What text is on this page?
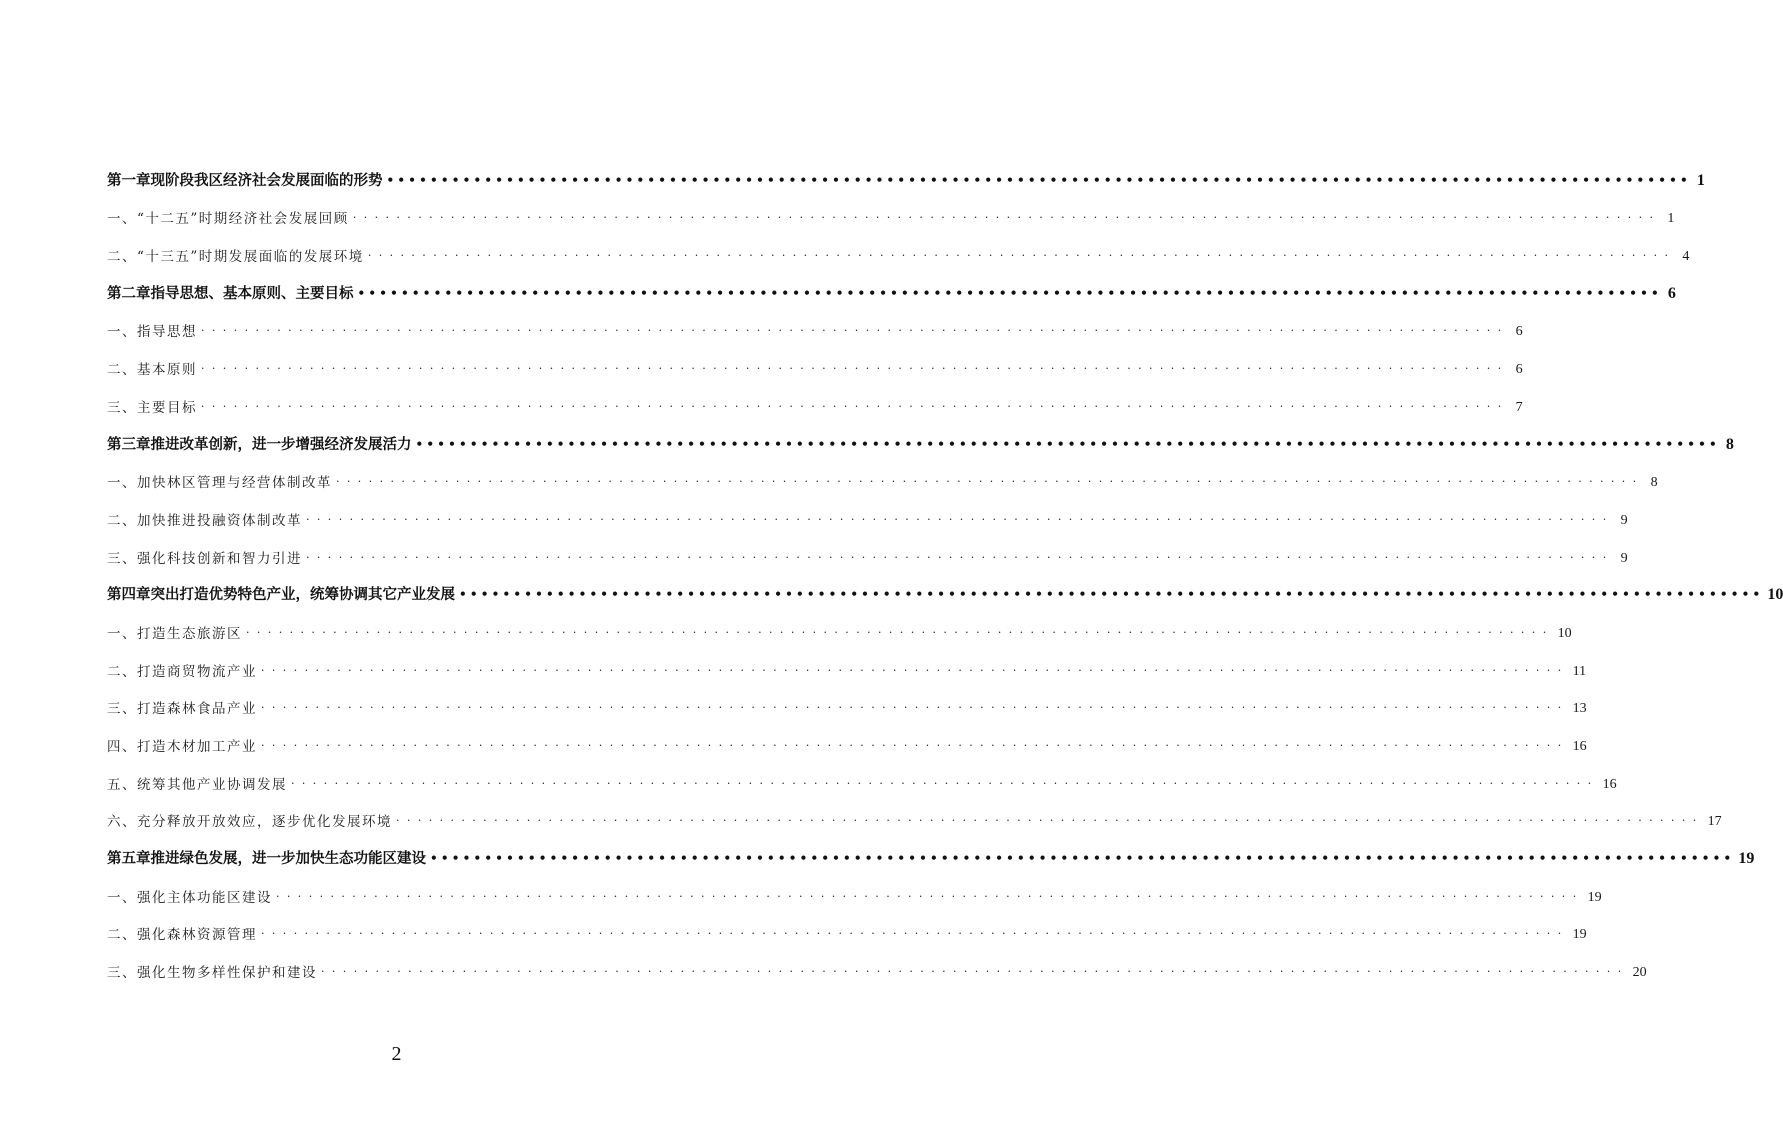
第一章现阶段我区经济社会发展面临的形势 •••••••••••••••••••••••••••••••••••••••••••••••••••••••••••••••••••••••••••••••••••••••••••••••••••••••••••••••••••••••• 1
一、“十二五”时期经济社会发展回顾 ························································································································ 1
二、“十三五”时期发展面临的发展环境 ························································································································ 4
第二章指导思想、基本原则、主要目标 •••••••••••••••••••••••••••••••••••••••••••••••••••••••••••••••••••••••••••••••••••••••••••••••••••••••••••••••••••••••• 6
一、指导思想 ························································································································ 6
二、基本原则 ························································································································ 6
三、主要目标 ························································································································ 7
第三章推进改革创新，进一步增强经济发展活力 •••••••••••••••••••••••••••••••••••••••••••••••••••••••••••••••••••••••••••••••••••••••••••••••••••••••••••••••••••••••• 8
一、加快林区管理与经营体制改革 ························································································································ 8
二、加快推进投融资体制改革 ························································································································ 9
三、强化科技创新和智力引进 ························································································································ 9
第四章突出打造优势特色产业，统筹协调其它产业发展 •••••••••••••••••••••••••••••••••••••••••••••••••••••••••••••••••••••••••••••••••••••••••••••••••••••••••••••••••••••••• 10
一、打造生态旅游区 ························································································································ 10
二、打造商贸物流产业 ························································································································ 11
三、打造森林食品产业 ························································································································ 13
四、打造木材加工产业 ························································································································ 16
五、统筹其他产业协调发展 ························································································································ 16
六、充分释放开放效应，逐步优化发展环境 ························································································································ 17
第五章推进绿色发展，进一步加快生态功能区建设 •••••••••••••••••••••••••••••••••••••••••••••••••••••••••••••••••••••••••••••••••••••••••••••••••••••••••••••••••••••••• 19
一、强化主体功能区建设 ························································································································ 19
二、强化森林资源管理 ························································································································ 19
三、强化生物多样性保护和建设 ························································································································ 20
2
